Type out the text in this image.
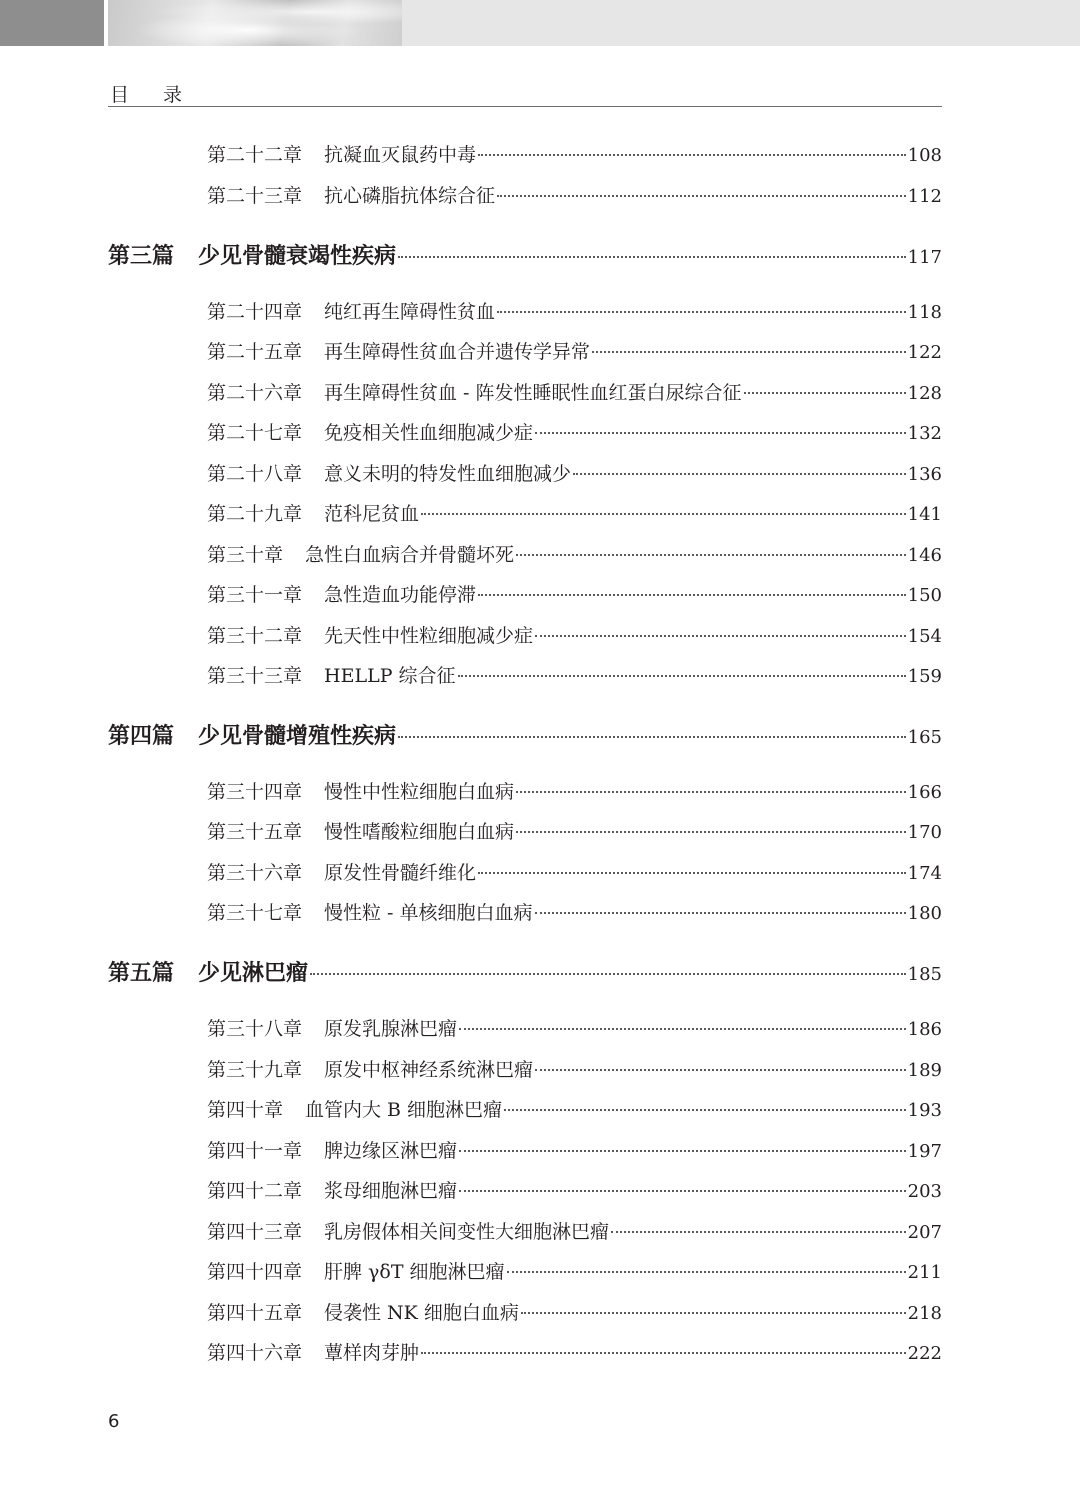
目录
第二十二章 抗凝血灭鼠药中毒	108
第二十三章 抗心磷脂抗体综合征	112
第三篇 少见骨髓衰竭性疾病	117
第二十四章 纯红再生障碍性贫血	118
第二十五章 再生障碍性贫血合并遗传学异常	122
第二十六章 再生障碍性贫血 - 阵发性睡眠性血红蛋白尿综合征	128
第二十七章 免疫相关性血细胞减少症	132
第二十八章 意义未明的特发性血细胞减少	136
第二十九章 范科尼贫血	141
第三十章 急性白血病合并骨髓坏死	146
第三十一章 急性造血功能停滞	150
第三十二章 先天性中性粒细胞减少症	154
第三十三章 HELLP 综合征	159
第四篇 少见骨髓增殖性疾病	165
第三十四章 慢性中性粒细胞白血病	166
第三十五章 慢性嗜酸粒细胞白血病	170
第三十六章 原发性骨髓纤维化	174
第三十七章 慢性粒 - 单核细胞白血病	180
第五篇 少见淋巴瘤	185
第三十八章 原发乳腺淋巴瘤	186
第三十九章 原发中枢神经系统淋巴瘤	189
第四十章 血管内大 B 细胞淋巴瘤	193
第四十一章 脾边缘区淋巴瘤	197
第四十二章 浆母细胞淋巴瘤	203
第四十三章 乳房假体相关间变性大细胞淋巴瘤	207
第四十四章 肝脾 γδT 细胞淋巴瘤	211
第四十五章 侵袭性 NK 细胞白血病	218
第四十六章 蕈样肉芽肿	222
6
